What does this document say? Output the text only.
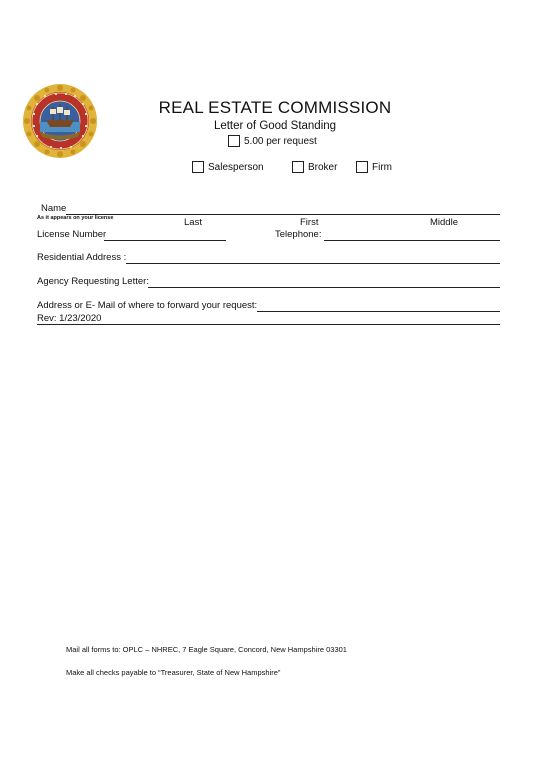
REAL ESTATE COMMISSION
Letter of Good Standing
5.00 per request
Salesperson	Broker	Firm
Name
As it appears on your license	Last	First	Middle
License Number	Telephone:
Residential Address :
Agency Requesting Letter:
Address or E- Mail of where to forward your request:
Rev: 1/23/2020
Mail all forms to: OPLC – NHREC, 7 Eagle Square, Concord, New Hampshire 03301
Make all checks payable to “Treasurer, State of New Hampshire”
